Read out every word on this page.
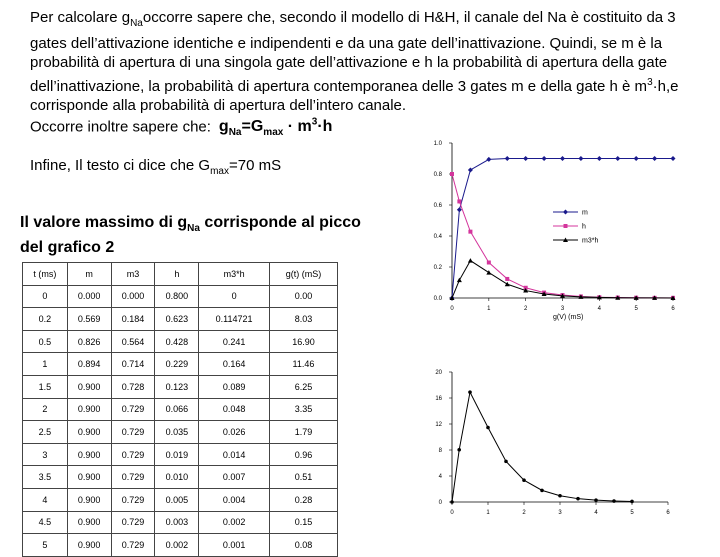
Per calcolare $g_{Na}occorre$ sapere che, secondo il modello di H&H, il canale del Na è costituito da 3 gates dell’attivazione identiche e indipendenti e da una gate dell’inattivazione. Quindi, se m è la probabilità di apertura di una singola gate dell’attivazione e h la probabilità di apertura della gate dell’inattivazione, la probabilità di apertura contemporanea delle 3 gates m e della gate h è $m^3\cdot h,e$ corrisponde alla probabilità di apertura dell’intero canale.
Occorre inoltre sapere che: $g_{Na}=G_{max} \cdot m^3\cdot h$
Infine, Il testo ci dice che $G_{max}=70$ mS
Il valore massimo di $g_{Na}$ corrisponde al picco del grafico 2
t (ms)	m	m3	h	m3*h	g(t) (mS)
0	0.000	0.000	0.800	0	0.00
0.2	0.569	0.184	0.623	0.114721	8.03
0.5	0.826	0.564	0.428	0.241	16.90
1	0.894	0.714	0.229	0.164	11.46
1.5	0.900	0.728	0.123	0.089	6.25
2	0.900	0.729	0.066	0.048	3.35
2.5	0.900	0.729	0.035	0.026	1.79
3	0.900	0.729	0.019	0.014	0.96
3.5	0.900	0.729	0.010	0.007	0.51
4	0.900	0.729	0.005	0.004	0.28
4.5	0.900	0.729	0.003	0.002	0.15
5	0.900	0.729	0.002	0.001	0.08
0.0
0.2
0.4
0.6
0.8
1.0
0	1	2	3	4	5	6
m
h
m3*h
g(V) (mS)
0
4
8
12
16
20
0	1	2	3	4	5	6
